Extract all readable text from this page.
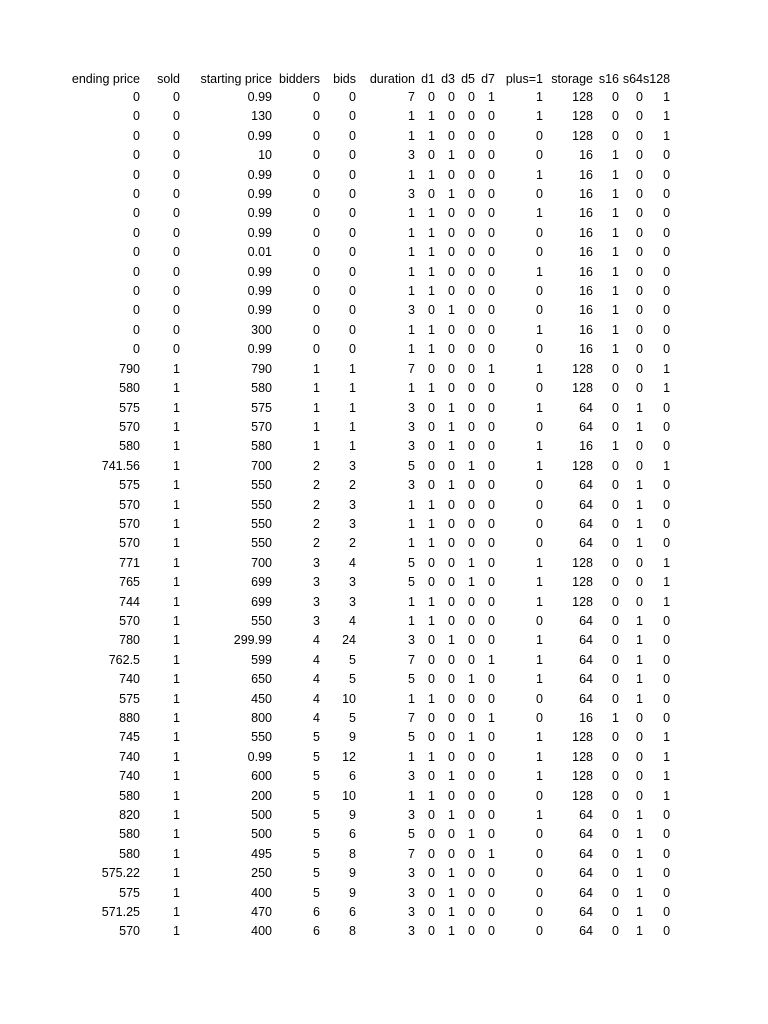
ending price	sold	starting price	bidders	bids	duration	d1	d3	d5	d7	plus=1	storage	s16	s64	s128
0	0	0.99	0	0	7	0	0	0	1	1	128	0	0	1
0	0	130	0	0	1	1	0	0	0	1	128	0	0	1
0	0	0.99	0	0	1	1	0	0	0	0	128	0	0	1
0	0	10	0	0	3	0	1	0	0	0	16	1	0	0
0	0	0.99	0	0	1	1	0	0	0	1	16	1	0	0
0	0	0.99	0	0	3	0	1	0	0	0	16	1	0	0
0	0	0.99	0	0	1	1	0	0	0	1	16	1	0	0
0	0	0.99	0	0	1	1	0	0	0	0	16	1	0	0
0	0	0.01	0	0	1	1	0	0	0	0	16	1	0	0
0	0	0.99	0	0	1	1	0	0	0	1	16	1	0	0
0	0	0.99	0	0	1	1	0	0	0	0	16	1	0	0
0	0	0.99	0	0	3	0	1	0	0	0	16	1	0	0
0	0	300	0	0	1	1	0	0	0	1	16	1	0	0
0	0	0.99	0	0	1	1	0	0	0	0	16	1	0	0
790	1	790	1	1	7	0	0	0	1	1	128	0	0	1
580	1	580	1	1	1	1	0	0	0	0	128	0	0	1
575	1	575	1	1	3	0	1	0	0	1	64	0	1	0
570	1	570	1	1	3	0	1	0	0	0	64	0	1	0
580	1	580	1	1	3	0	1	0	0	1	16	1	0	0
741.56	1	700	2	3	5	0	0	1	0	1	128	0	0	1
575	1	550	2	2	3	0	1	0	0	0	64	0	1	0
570	1	550	2	3	1	1	0	0	0	0	64	0	1	0
570	1	550	2	3	1	1	0	0	0	0	64	0	1	0
570	1	550	2	2	1	1	0	0	0	0	64	0	1	0
771	1	700	3	4	5	0	0	1	0	1	128	0	0	1
765	1	699	3	3	5	0	0	1	0	1	128	0	0	1
744	1	699	3	3	1	1	0	0	0	1	128	0	0	1
570	1	550	3	4	1	1	0	0	0	0	64	0	1	0
780	1	299.99	4	24	3	0	1	0	0	1	64	0	1	0
762.5	1	599	4	5	7	0	0	0	1	1	64	0	1	0
740	1	650	4	5	5	0	0	1	0	1	64	0	1	0
575	1	450	4	10	1	1	0	0	0	0	64	0	1	0
880	1	800	4	5	7	0	0	0	1	0	16	1	0	0
745	1	550	5	9	5	0	0	1	0	1	128	0	0	1
740	1	0.99	5	12	1	1	0	0	0	1	128	0	0	1
740	1	600	5	6	3	0	1	0	0	1	128	0	0	1
580	1	200	5	10	1	1	0	0	0	0	128	0	0	1
820	1	500	5	9	3	0	1	0	0	1	64	0	1	0
580	1	500	5	6	5	0	0	1	0	0	64	0	1	0
580	1	495	5	8	7	0	0	0	1	0	64	0	1	0
575.22	1	250	5	9	3	0	1	0	0	0	64	0	1	0
575	1	400	5	9	3	0	1	0	0	0	64	0	1	0
571.25	1	470	6	6	3	0	1	0	0	0	64	0	1	0
570	1	400	6	8	3	0	1	0	0	0	64	0	1	0
